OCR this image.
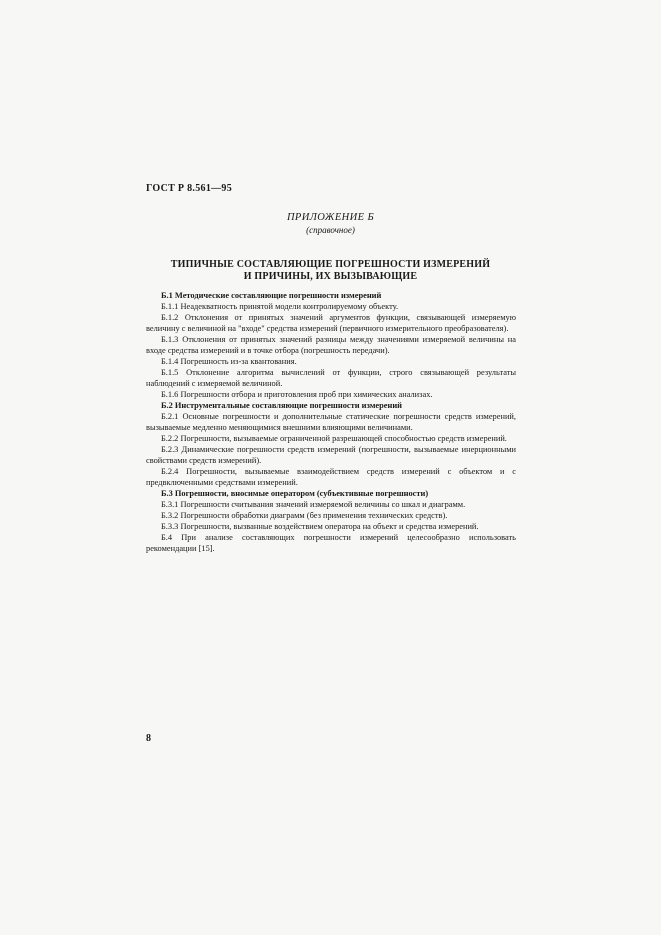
ГОСТ Р 8.561—95
ПРИЛОЖЕНИЕ Б
(справочное)
ТИПИЧНЫЕ СОСТАВЛЯЮЩИЕ ПОГРЕШНОСТИ ИЗМЕРЕНИЙ
И ПРИЧИНЫ, ИХ ВЫЗЫВАЮЩИЕ

Б.1 Методические составляющие погрешности измерений

Б.1.1 Неадекватность принятой модели контролируемому объекту.

Б.1.2 Отклонения от принятых значений аргументов функции, связывающей измеряемую величину с величиной на "входе" средства измерений (первичного измерительного преобразователя).

Б.1.3 Отклонения от принятых значений разницы между значениями измеряемой величины на входе средства измерений и в точке отбора (погрешность передачи).

Б.1.4 Погрешность из-за квантования.

Б.1.5 Отклонение алгоритма вычислений от функции, строго связывающей результаты наблюдений с измеряемой величиной.

Б.1.6 Погрешности отбора и приготовления проб при химических анализах.

Б.2 Инструментальные составляющие погрешности измерений

Б.2.1 Основные погрешности и дополнительные статические погрешности средств измерений, вызываемые медленно меняющимися внешними влияющими величинами.

Б.2.2 Погрешности, вызываемые ограниченной разрешающей способностью средств измерений.

Б.2.3 Динамические погрешности средств измерений (погрешности, вызываемые инерционными свойствами средств измерений).

Б.2.4 Погрешности, вызываемые взаимодействием средств измерений с объектом и с предвключенными средствами измерений.

Б.3 Погрешности, вносимые оператором (субъективные погрешности)

Б.3.1 Погрешности считывания значений измеряемой величины со шкал и диаграмм.

Б.3.2 Погрешности обработки диаграмм (без применения технических средств).

Б.3.3 Погрешности, вызванные воздействием оператора на объект и средства измерений.

Б.4 При анализе составляющих погрешности измерений целесообразно использовать рекомендации [15].

8
